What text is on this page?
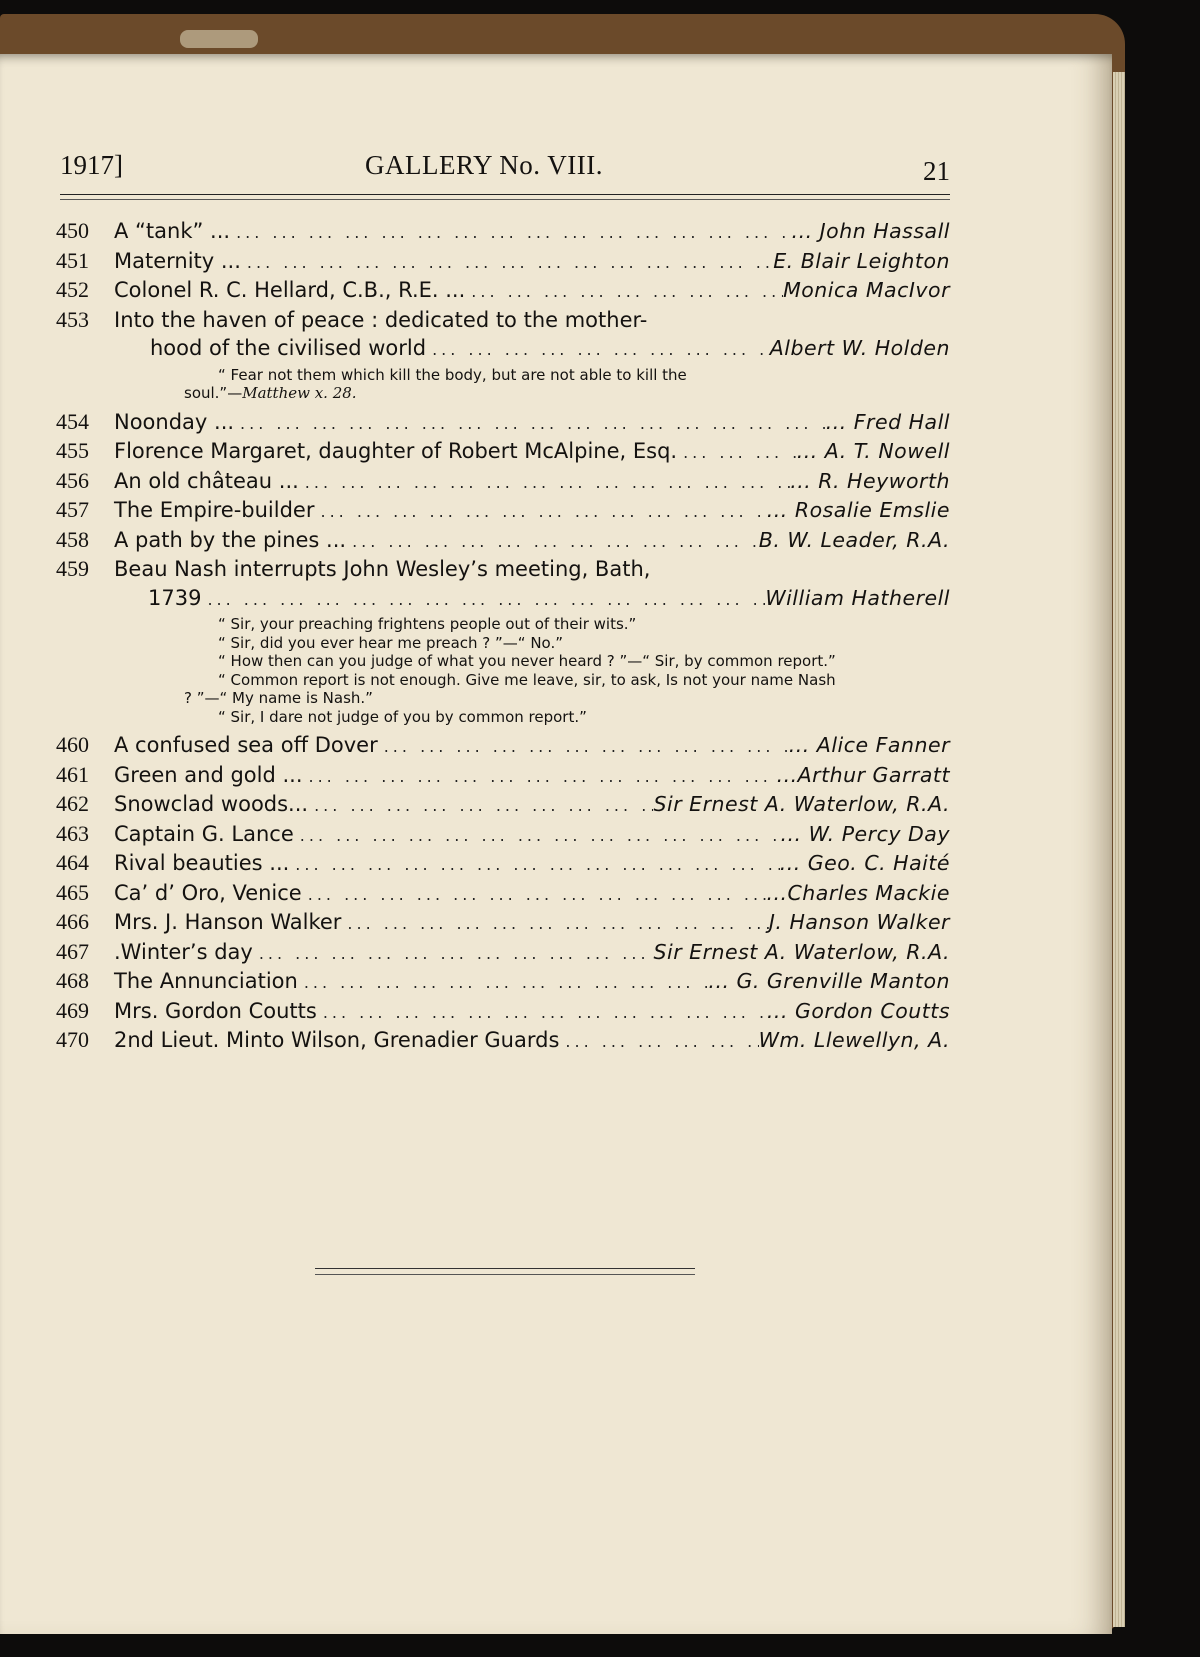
1917]	GALLERY No. VIII.	21
450	A “tank” ... ... .	... John Hassall
451	Maternity ... ... .	E. Blair Leighton
452	Colonel R. C. Hellard, C.B., R.E. ... ... .	Monica MacIvor
453	Into the haven of peace : dedicated to the mother-
hood of the civilised world ... .	Albert W. Holden
“ Fear not them which kill the body, but are not able to kill the
soul.”—Matthew x. 28.
454	Noonday ... ... .	... Fred Hall
455	Florence Margaret, daughter of Robert McAlpine, Esq. ... .	... A. T. Nowell
456	An old château ... ... .	... R. Heyworth
457	The Empire-builder ... .	... Rosalie Emslie
458	A path by the pines ... ... .	B. W. Leader, R.A.
459	Beau Nash interrupts John Wesley’s meeting, Bath,
1739 ... .	William Hatherell
“ Sir, your preaching frightens people out of their wits.”
“ Sir, did you ever hear me preach ? ”—“ No.”
“ How then can you judge of what you never heard ? ”—“ Sir, by common report.”
“ Common report is not enough. Give me leave, sir, to ask, Is not your name Nash ? ”—“ My name is Nash.”
“ Sir, I dare not judge of you by common report.”
460	A confused sea off Dover ... .	... Alice Fanner
461	Green and gold ... ... .	...Arthur Garratt
462	Snowclad woods... ... .	Sir Ernest A. Waterlow, R.A.
463	Captain G. Lance ... .	... W. Percy Day
464	Rival beauties ... ... .	... Geo. C. Haité
465	Ca’ d’ Oro, Venice ... .	...Charles Mackie
466	Mrs. J. Hanson Walker ... .	J. Hanson Walker
467	.Winter’s day ... .	Sir Ernest A. Waterlow, R.A.
468	The Annunciation ... .	... G. Grenville Manton
469	Mrs. Gordon Coutts ... .	... Gordon Coutts
470	2nd Lieut. Minto Wilson, Grenadier Guards ... .	Wm. Llewellyn, A.
